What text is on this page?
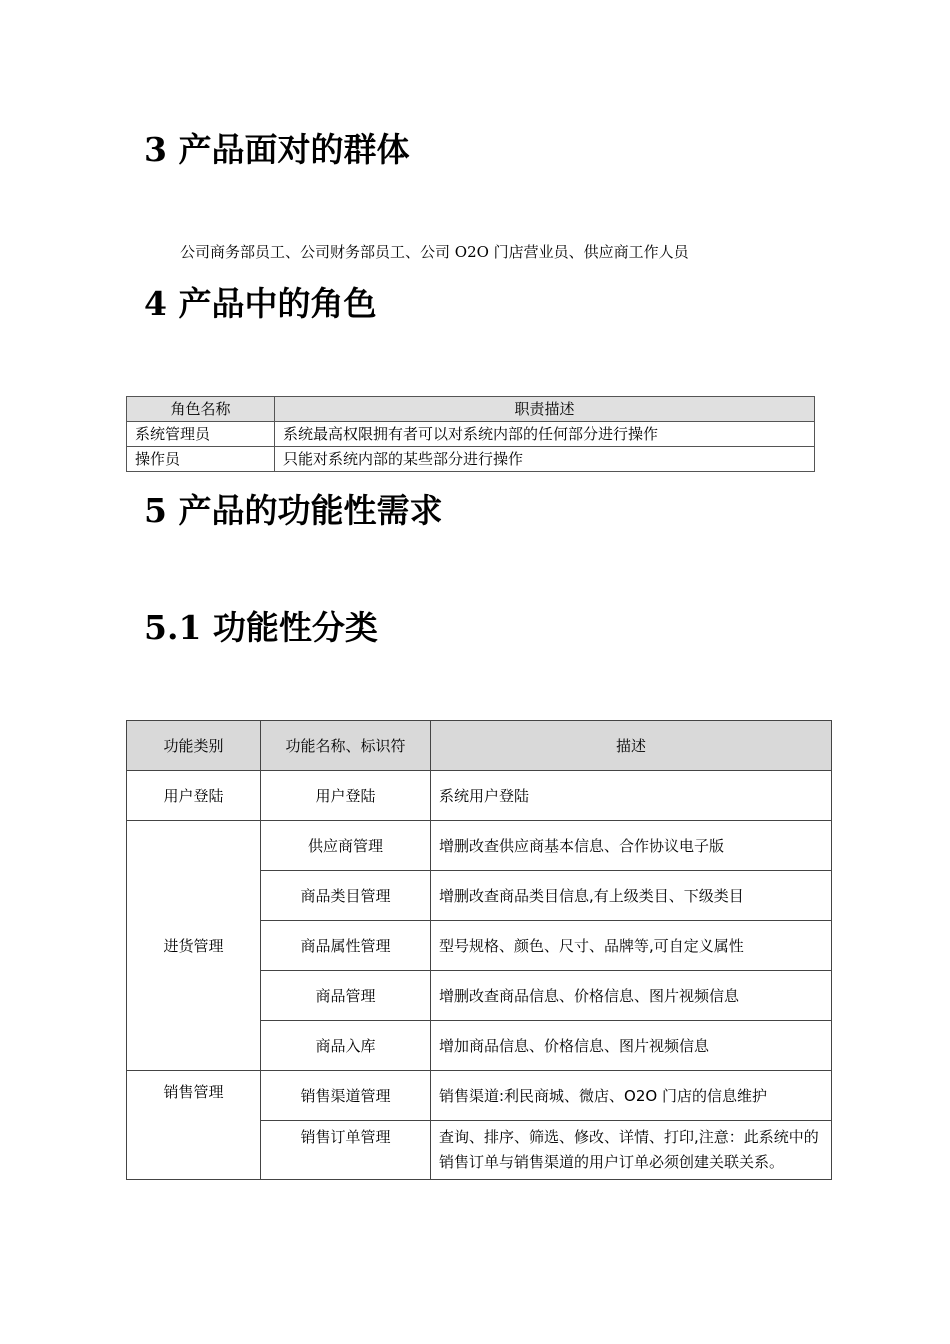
3 产品面对的群体
公司商务部员工、公司财务部员工、公司 O2O 门店营业员、供应商工作人员
4 产品中的角色
角色名称	职责描述
系统管理员	系统最高权限拥有者可以对系统内部的任何部分进行操作
操作员	只能对系统内部的某些部分进行操作
5 产品的功能性需求
5.1 功能性分类
功能类别	功能名称、标识符	描述
用户登陆	用户登陆	系统用户登陆
进货管理	供应商管理	增删改查供应商基本信息、合作协议电子版
	商品类目管理	增删改查商品类目信息,有上级类目、下级类目
	商品属性管理	型号规格、颜色、尺寸、品牌等,可自定义属性
	商品管理	增删改查商品信息、价格信息、图片视频信息
	商品入库	增加商品信息、价格信息、图片视频信息
销售管理	销售渠道管理	销售渠道:利民商城、微店、O2O 门店的信息维护
	销售订单管理	查询、排序、筛选、修改、详情、打印,注意：此系统中的销售订单与销售渠道的用户订单必须创建关联关系。
